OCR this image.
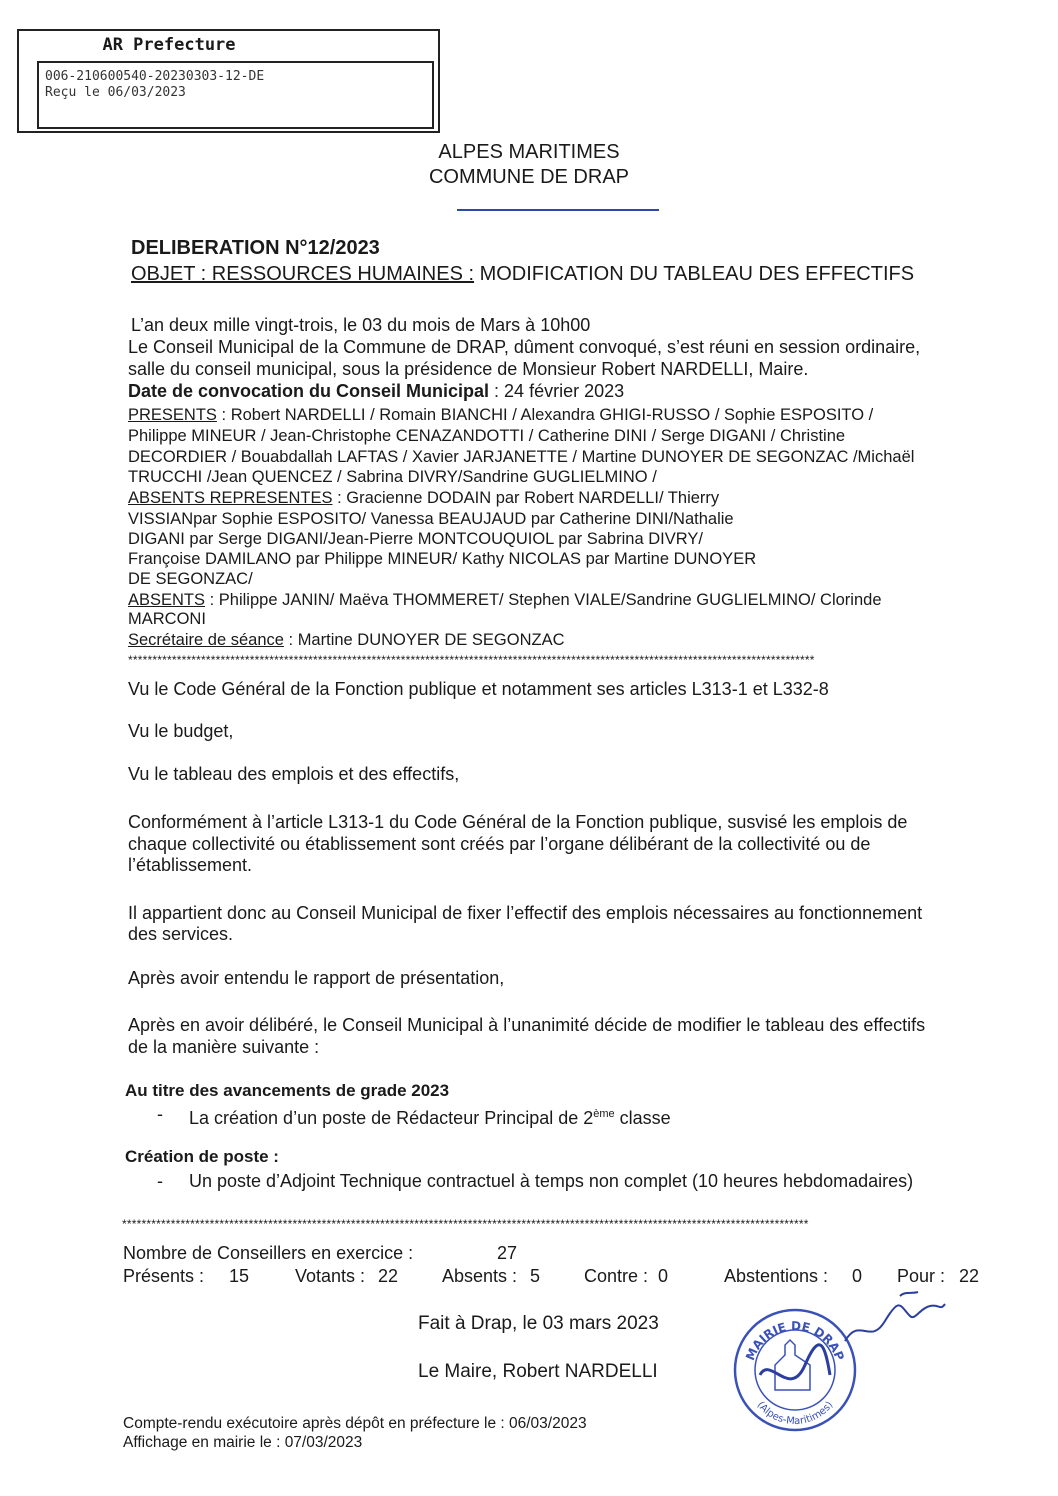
AR Prefecture
006-210600540-20230303-12-DE
Reçu le 06/03/2023
ALPES MARITIMES
COMMUNE DE DRAP
DELIBERATION N°12/2023
OBJET : RESSOURCES HUMAINES : MODIFICATION DU TABLEAU DES EFFECTIFS
L’an deux mille vingt-trois, le 03 du mois de Mars à 10h00
Le Conseil Municipal de la Commune de DRAP, dûment convoqué, s’est réuni en session ordinaire,
salle du conseil municipal, sous la présidence de Monsieur Robert NARDELLI, Maire.
Date de convocation du Conseil Municipal : 24 février 2023
PRESENTS : Robert NARDELLI / Romain BIANCHI / Alexandra GHIGI-RUSSO / Sophie ESPOSITO /
Philippe MINEUR / Jean-Christophe CENAZANDOTTI / Catherine DINI / Serge DIGANI / Christine
DECORDIER / Bouabdallah LAFTAS / Xavier JARJANETTE / Martine DUNOYER DE SEGONZAC /Michaël
TRUCCHI /Jean QUENCEZ / Sabrina DIVRY/Sandrine GUGLIELMINO /
ABSENTS REPRESENTES : Gracienne DODAIN par Robert NARDELLI/ Thierry
VISSIANpar Sophie ESPOSITO/ Vanessa BEAUJAUD par Catherine DINI/Nathalie
DIGANI par Serge DIGANI/Jean-Pierre MONTCOUQUIOL par Sabrina DIVRY/
Françoise DAMILANO par Philippe MINEUR/ Kathy NICOLAS par Martine DUNOYER
DE SEGONZAC/
ABSENTS : Philippe JANIN/ Maëva THOMMERET/ Stephen VIALE/Sandrine GUGLIELMINO/ Clorinde
MARCONI
Secrétaire de séance : Martine DUNOYER DE SEGONZAC
*********************************************************************************************************************************************
Vu le Code Général de la Fonction publique et notamment ses articles L313-1 et L332-8
Vu le budget,
Vu le tableau des emplois et des effectifs,
Conformément à l’article L313-1 du Code Général de la Fonction publique, susvisé les emplois de
chaque collectivité ou établissement sont créés par l’organe délibérant de la collectivité ou de
l’établissement.
Il appartient donc au Conseil Municipal de fixer l’effectif des emplois nécessaires au fonctionnement
des services.
Après avoir entendu le rapport de présentation,
Après en avoir délibéré, le Conseil Municipal à l’unanimité décide de modifier le tableau des effectifs
de la manière suivante :
Au titre des avancements de grade 2023
- La création d’un poste de Rédacteur Principal de 2ème classe
Création de poste :
- Un poste d’Adjoint Technique contractuel à temps non complet (10 heures hebdomadaires)
*********************************************************************************************************************************************
Nombre de Conseillers en exercice :	27
Présents : 15	Votants : 22 Absents : 5 Contre : 0	Abstentions : 0 Pour : 22
Fait à Drap, le 03 mars 2023
Le Maire, Robert NARDELLI
Compte-rendu exécutoire après dépôt en préfecture le : 06/03/2023
Affichage en mairie le : 07/03/2023
MAIRIE DE DRAP
(Alpes-Maritimes)
